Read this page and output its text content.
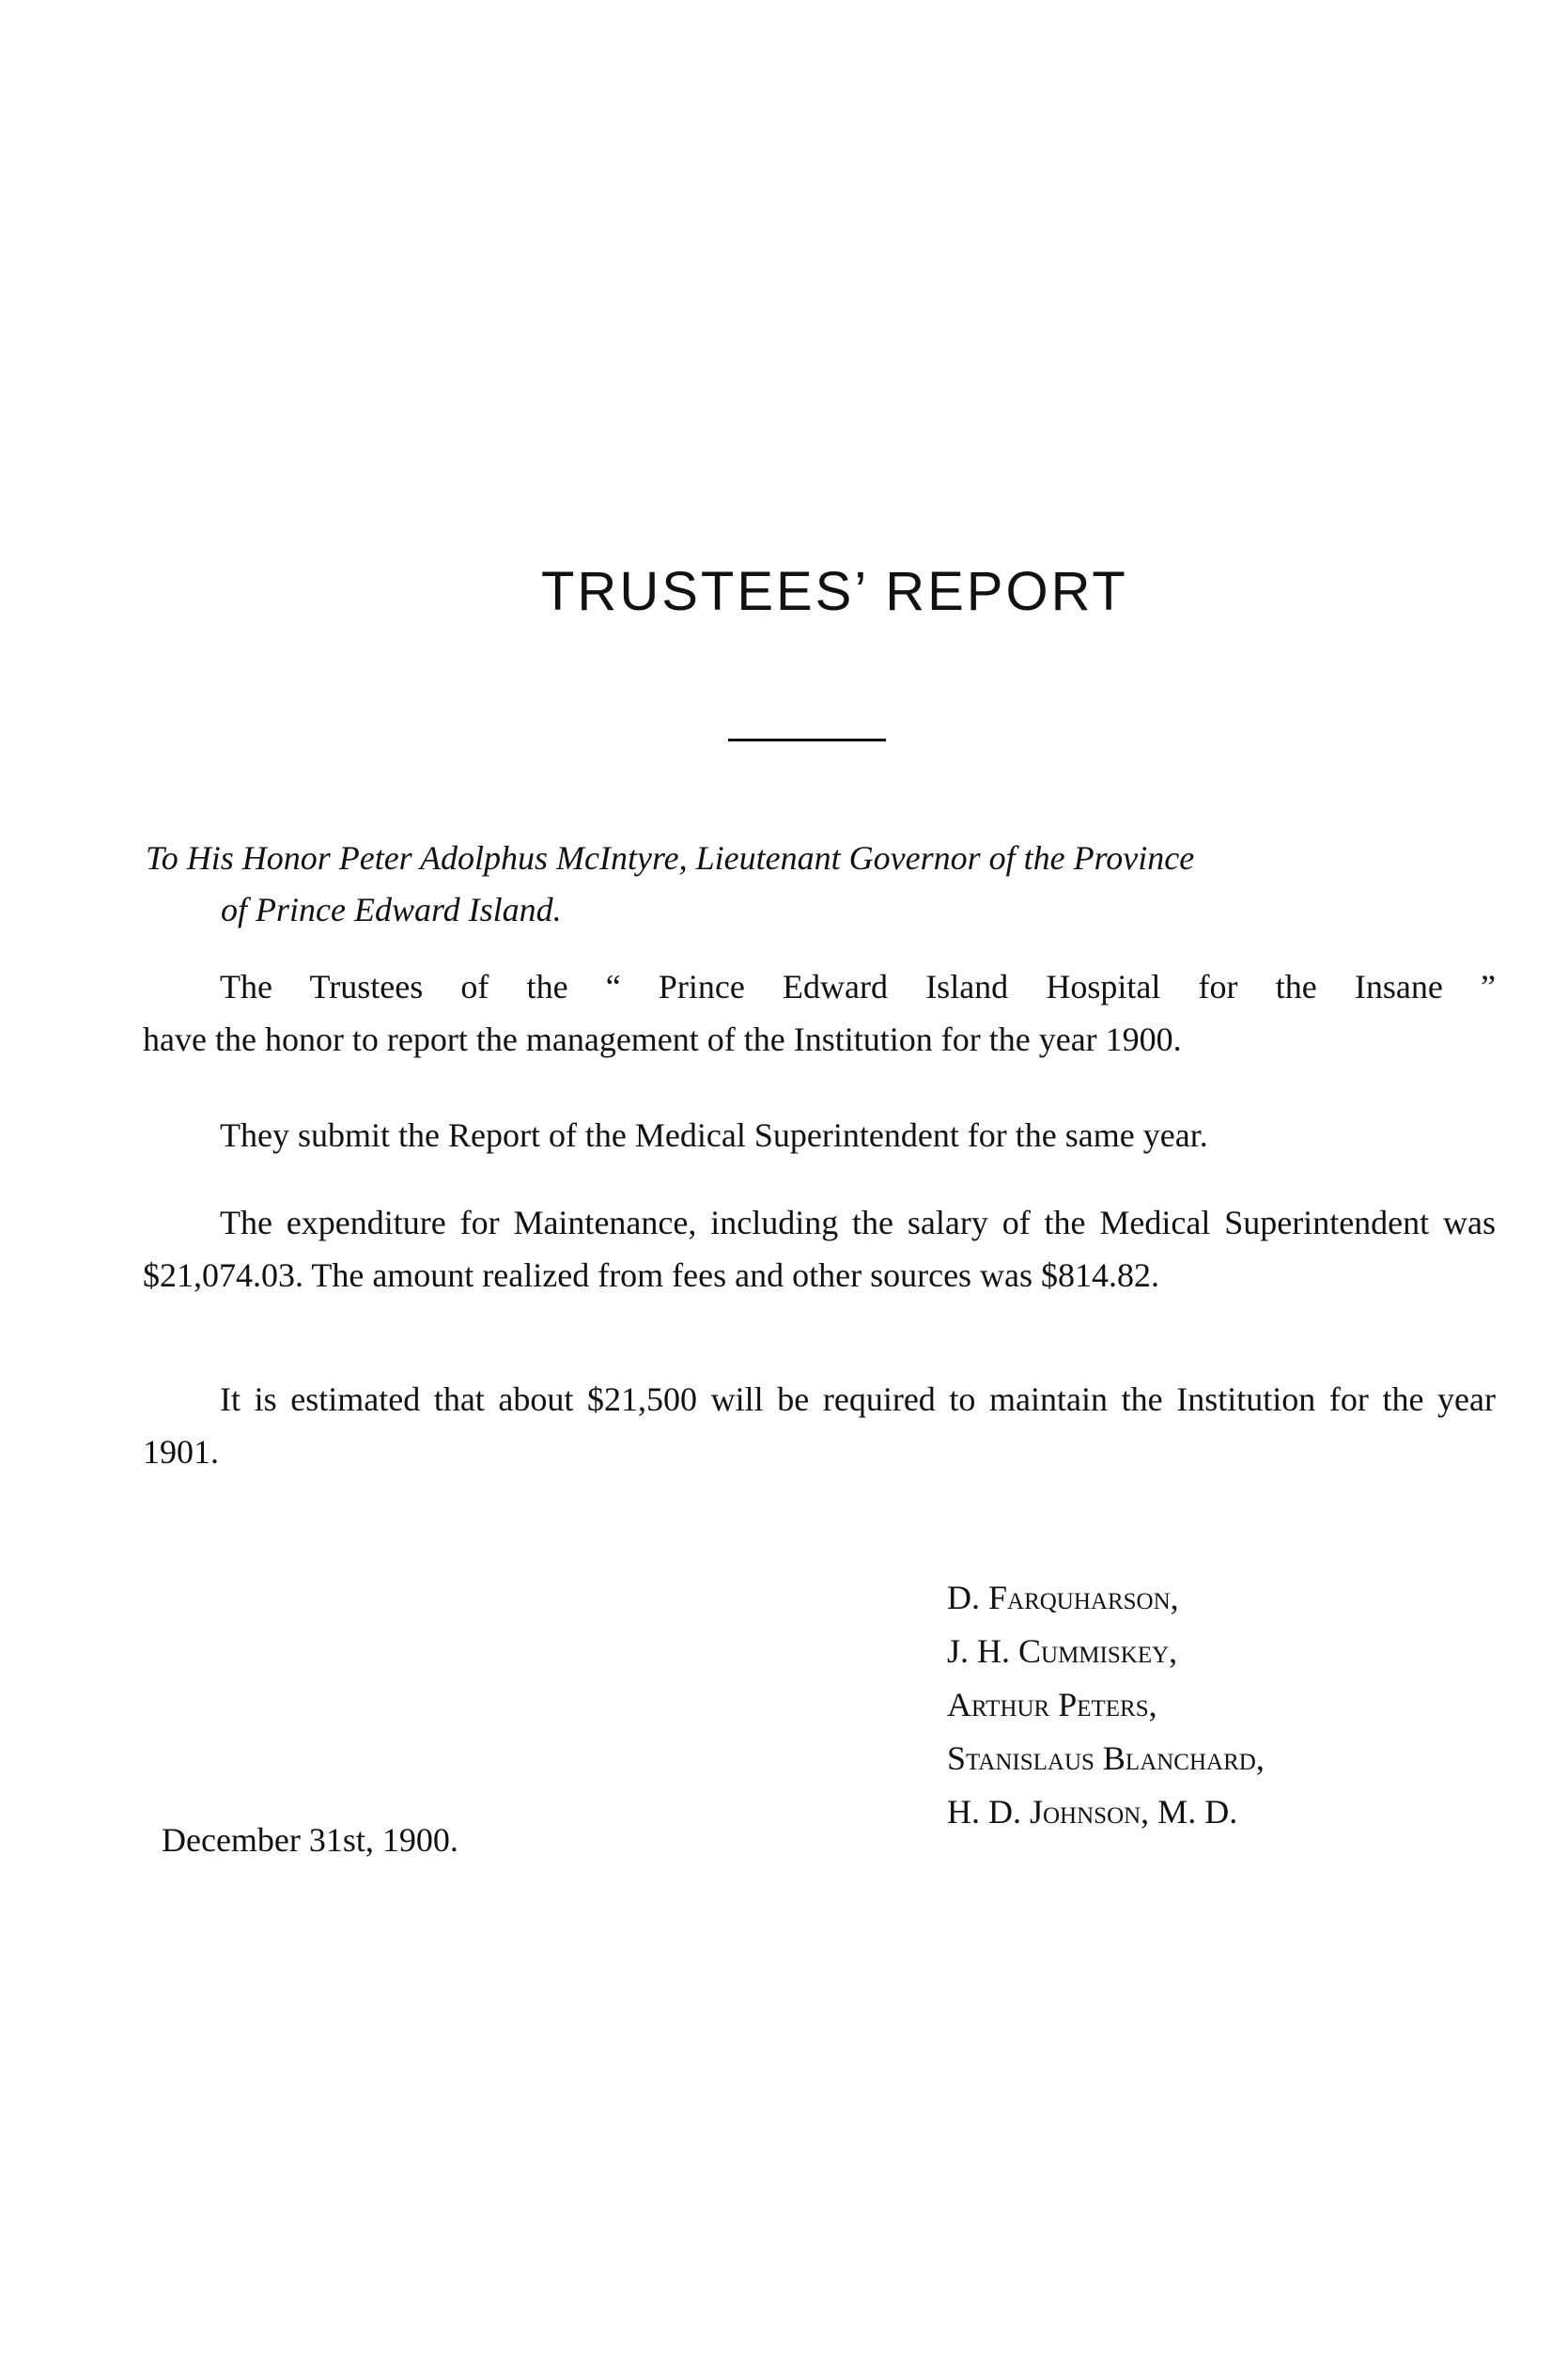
TRUSTEES’ REPORT
To His Honor Peter Adolphus McIntyre, Lieutenant Governor of the Province
of Prince Edward Island.
The Trustees of the “ Prince Edward Island Hospital for the Insane ”
have the honor to report the management of the Institution for the year 1900.
They submit the Report of the Medical Superintendent for the same year.
The expenditure for Maintenance, including the salary of the Medical Superintendent was $21,074.03. The amount realized from fees and other sources was $814.82.
It is estimated that about $21,500 will be required to maintain the Institution for the year 1901.
D. Farquharson,
J. H. Cummiskey,
Arthur Peters,
Stanislaus Blanchard,
H. D. Johnson, M. D.
December 31st, 1900.
